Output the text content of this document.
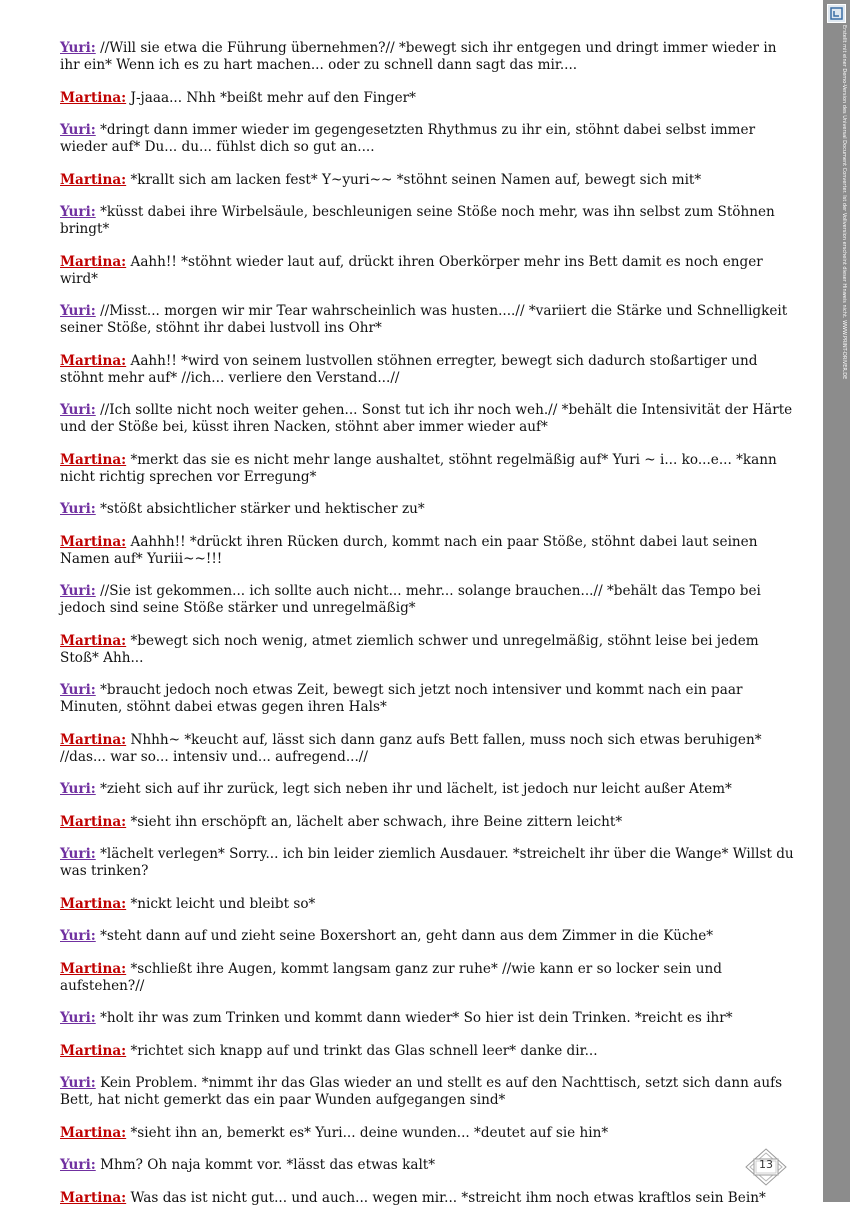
Yuri: //Will sie etwa die Führung übernehmen?// *bewegt sich ihr entgegen und dringt immer wieder in ihr ein* Wenn ich es zu hart machen... oder zu schnell dann sagt das mir....

Martina: J-jaaa... Nhh *beißt mehr auf den Finger*

Yuri: *dringt dann immer wieder im gegengesetzten Rhythmus zu ihr ein, stöhnt dabei selbst immer wieder auf* Du... du... fühlst dich so gut an....

Martina: *krallt sich am lacken fest* Y~yuri~~ *stöhnt seinen Namen auf, bewegt sich mit*

Yuri: *küsst dabei ihre Wirbelsäule, beschleunigen seine Stöße noch mehr, was ihn selbst zum Stöhnen bringt*

Martina: Aahh!! *stöhnt wieder laut auf, drückt ihren Oberkörper mehr ins Bett damit es noch enger wird*

Yuri: //Misst... morgen wir mir Tear wahrscheinlich was husten....// *variiert die Stärke und Schnelligkeit seiner Stöße, stöhnt ihr dabei lustvoll ins Ohr*

Martina: Aahh!! *wird von seinem lustvollen stöhnen erregter, bewegt sich dadurch stoßartiger und stöhnt mehr auf* //ich... verliere den Verstand...//

Yuri: //Ich sollte nicht noch weiter gehen... Sonst tut ich ihr noch weh.// *behält die Intensivität der Härte und der Stöße bei, küsst ihren Nacken, stöhnt aber immer wieder auf*

Martina: *merkt das sie es nicht mehr lange aushaltet, stöhnt regelmäßig auf* Yuri ~ i... ko...e... *kann nicht richtig sprechen vor Erregung*

Yuri: *stößt absichtlicher stärker und hektischer zu*

Martina: Aahhh!! *drückt ihren Rücken durch, kommt nach ein paar Stöße, stöhnt dabei laut seinen Namen auf* Yuriii~~!!!

Yuri: //Sie ist gekommen... ich sollte auch nicht... mehr... solange brauchen...// *behält das Tempo bei jedoch sind seine Stöße stärker und unregelmäßig*

Martina: *bewegt sich noch wenig, atmet ziemlich schwer und unregelmäßig, stöhnt leise bei jedem Stoß* Ahh...

Yuri: *braucht jedoch noch etwas Zeit, bewegt sich jetzt noch intensiver und kommt nach ein paar Minuten, stöhnt dabei etwas gegen ihren Hals*

Martina: Nhhh~ *keucht auf, lässt sich dann ganz aufs Bett fallen, muss noch sich etwas beruhigen* //das... war so... intensiv und... aufregend...//

Yuri: *zieht sich auf ihr zurück, legt sich neben ihr und lächelt, ist jedoch nur leicht außer Atem*

Martina: *sieht ihn erschöpft an, lächelt aber schwach, ihre Beine zittern leicht*

Yuri: *lächelt verlegen* Sorry... ich bin leider ziemlich Ausdauer. *streichelt ihr über die Wange* Willst du was trinken?

Martina: *nickt leicht und bleibt so*

Yuri: *steht dann auf und zieht seine Boxershort an, geht dann aus dem Zimmer in die Küche*

Martina: *schließt ihre Augen, kommt langsam ganz zur ruhe* //wie kann er so locker sein und aufstehen?//

Yuri: *holt ihr was zum Trinken und kommt dann wieder* So hier ist dein Trinken. *reicht es ihr*

Martina: *richtet sich knapp auf und trinkt das Glas schnell leer* danke dir...

Yuri: Kein Problem. *nimmt ihr das Glas wieder an und stellt es auf den Nachttisch, setzt sich dann aufs Bett, hat nicht gemerkt das ein paar Wunden aufgegangen sind*

Martina: *sieht ihn an, bemerkt es* Yuri... deine wunden... *deutet auf sie hin*

Yuri: Mhm? Oh naja kommt vor. *lässt das etwas kalt*

Martina: Was das ist nicht gut... und auch... wegen mir... *streicht ihm noch etwas kraftlos sein Bein*

Erstellt mit einer Demo-Version des Universal Document Converter. Ist der Vollversion erscheint dieser Hinweis nicht. WWW.PRINT-DRIVER.DE
13
